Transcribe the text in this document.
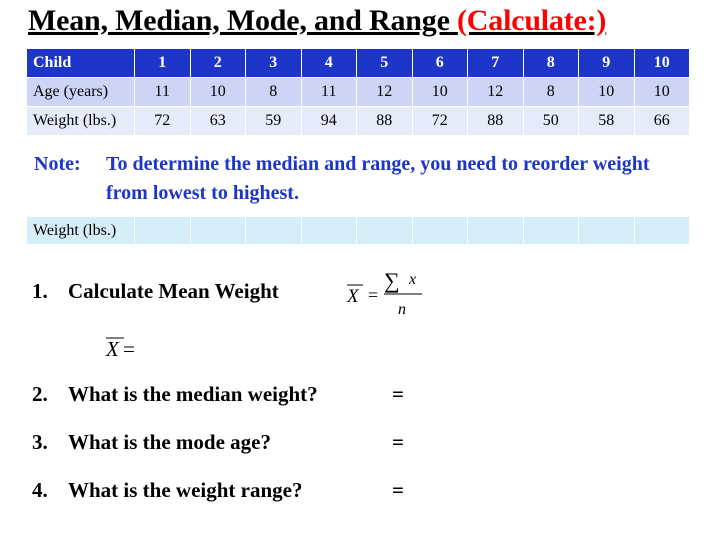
Mean, Median, Mode, and Range (Calculate:)
Child	1	2	3	4	5	6	7	8	9	10
Age (years)	11	10	8	11	12	10	12	8	10	10
Weight (lbs.)	72	63	59	94	88	72	88	50	58	66
Note: To determine the median and range, you need to reorder weight from lowest to highest.
Weight (lbs.)										
1. Calculate Mean Weight	X =
∑ x
n
X =
2. What is the median weight?	=
3. What is the mode age?	=
4. What is the weight range?	=
